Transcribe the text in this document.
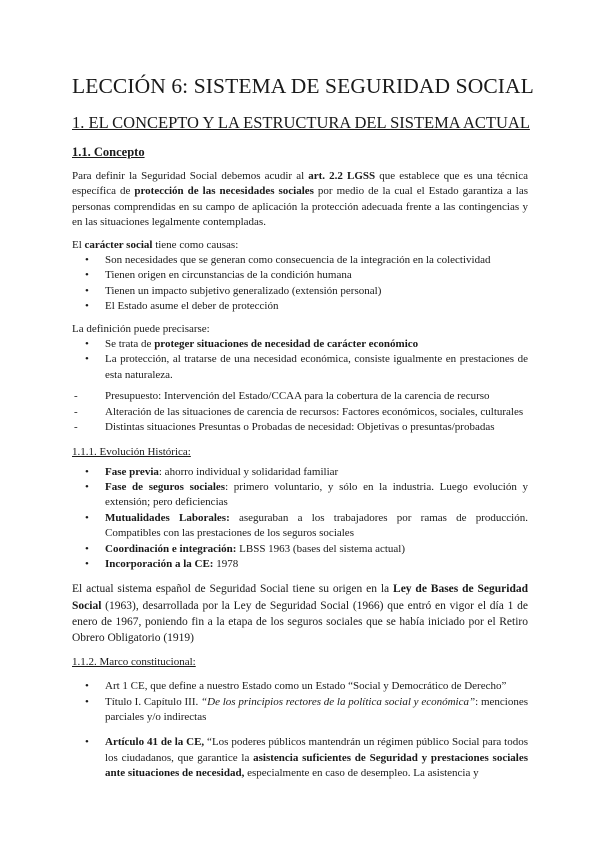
LECCIÓN 6: SISTEMA DE SEGURIDAD SOCIAL
1. EL CONCEPTO Y LA ESTRUCTURA DEL SISTEMA ACTUAL
1.1. Concepto

Para definir la Seguridad Social debemos acudir al art. 2.2 LGSS que establece que es una técnica específica de protección de las necesidades sociales por medio de la cual el Estado garantiza a las personas comprendidas en su campo de aplicación la protección adecuada frente a las contingencias y en las situaciones legalmente contempladas.

El carácter social tiene como causas:

• Son necesidades que se generan como consecuencia de la integración en la colectividad
• Tienen origen en circunstancias de la condición humana
• Tienen un impacto subjetivo generalizado (extensión personal)
• El Estado asume el deber de protección

La definición puede precisarse:

• Se trata de proteger situaciones de necesidad de carácter económico
• La protección, al tratarse de una necesidad económica, consiste igualmente en prestaciones de esta naturaleza.
- Presupuesto: Intervención del Estado/CCAA para la cobertura de la carencia de recurso
- Alteración de las situaciones de carencia de recursos: Factores económicos, sociales, culturales
- Distintas situaciones Presuntas o Probadas de necesidad: Objetivas o presuntas/probadas
1.1.1. Evolución Histórica:
• Fase previa: ahorro individual y solidaridad familiar
• Fase de seguros sociales: primero voluntario, y sólo en la industria. Luego evolución y extensión; pero deficiencias
• Mutualidades Laborales: aseguraban a los trabajadores por ramas de producción. Compatibles con las prestaciones de los seguros sociales
• Coordinación e integración: LBSS 1963 (bases del sistema actual)
• Incorporación a la CE: 1978

El actual sistema español de Seguridad Social tiene su origen en la Ley de Bases de Seguridad Social (1963), desarrollada por la Ley de Seguridad Social (1966) que entró en vigor el día 1 de enero de 1967, poniendo fin a la etapa de los seguros sociales que se había iniciado por el Retiro Obrero Obligatorio (1919)

1.1.2. Marco constitucional:
• Art 1 CE, que define a nuestro Estado como un Estado “Social y Democrático de Derecho”
• Título I. Capítulo III. “De los principios rectores de la política social y económica”: menciones parciales y/o indirectas
• Artículo 41 de la CE, “Los poderes públicos mantendrán un régimen público Social para todos los ciudadanos, que garantice la asistencia suficientes de Seguridad y prestaciones sociales ante situaciones de necesidad, especialmente en caso de desempleo. La asistencia y
